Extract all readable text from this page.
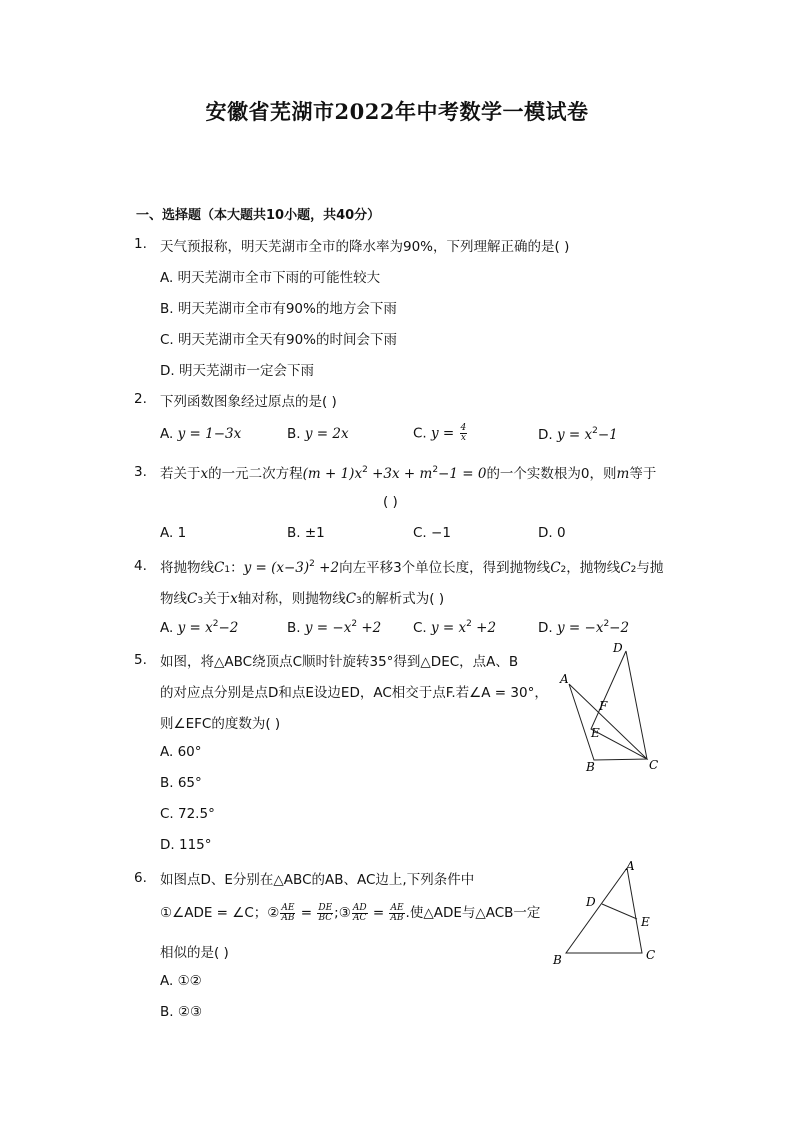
安徽省芜湖市2022年中考数学一模试卷
一、选择题（本大题共10小题，共40分）
1. 天气预报称，明天芜湖市全市的降水率为90%，下列理解正确的是( )
A. 明天芜湖市全市下雨的可能性较大
B. 明天芜湖市全市有90%的地方会下雨
C. 明天芜湖市全天有90%的时间会下雨
D. 明天芜湖市一定会下雨
2. 下列函数图象经过原点的是( )
A. y = 1−3x	B. y = 2x	C. $y = \frac{4}{x}$	D. $y = x^2-1$
3. 若关于x的一元二次方程$(m + 1)x^2 +3x + m^2-1 = 0$的一个实数根为0，则m等于
( )
A. 1	B. ±1	C. −1	D. 0
4. 将抛物线C1：$y = (x-3)^2 +2$向左平移3个单位长度，得到抛物线C2，抛物线C2与抛
物线C3关于x轴对称，则抛物线C3的解析式为( )
A. $y = x^2-2$	B. $y = -x^2 +2$ C. $y = x^2 +2$	D. $y = -x^2-2$
5. 如图，将△ABC绕顶点C顺时针旋转35°得到△DEC，点A、B
的对应点分别是点D和点E设边ED，AC相交于点F.若∠A = 30°，
则∠EFC的度数为( )
A. 60°
B. 65°
C. 72.5°
D. 115°
A
B	C
D
E
F
6. 如图点D、E分别在△ABC的AB、AC边上,下列条件中
①∠ADE = ∠C；② $\frac{AE}{AB} = \frac{DE}{BC}$ ;③ $\frac{AD}{AC} = \frac{AE}{AB}$ .使△ADE与△ACB一定
相似的是( )
A. ①②
B. ②③
A
B	C
D
E
